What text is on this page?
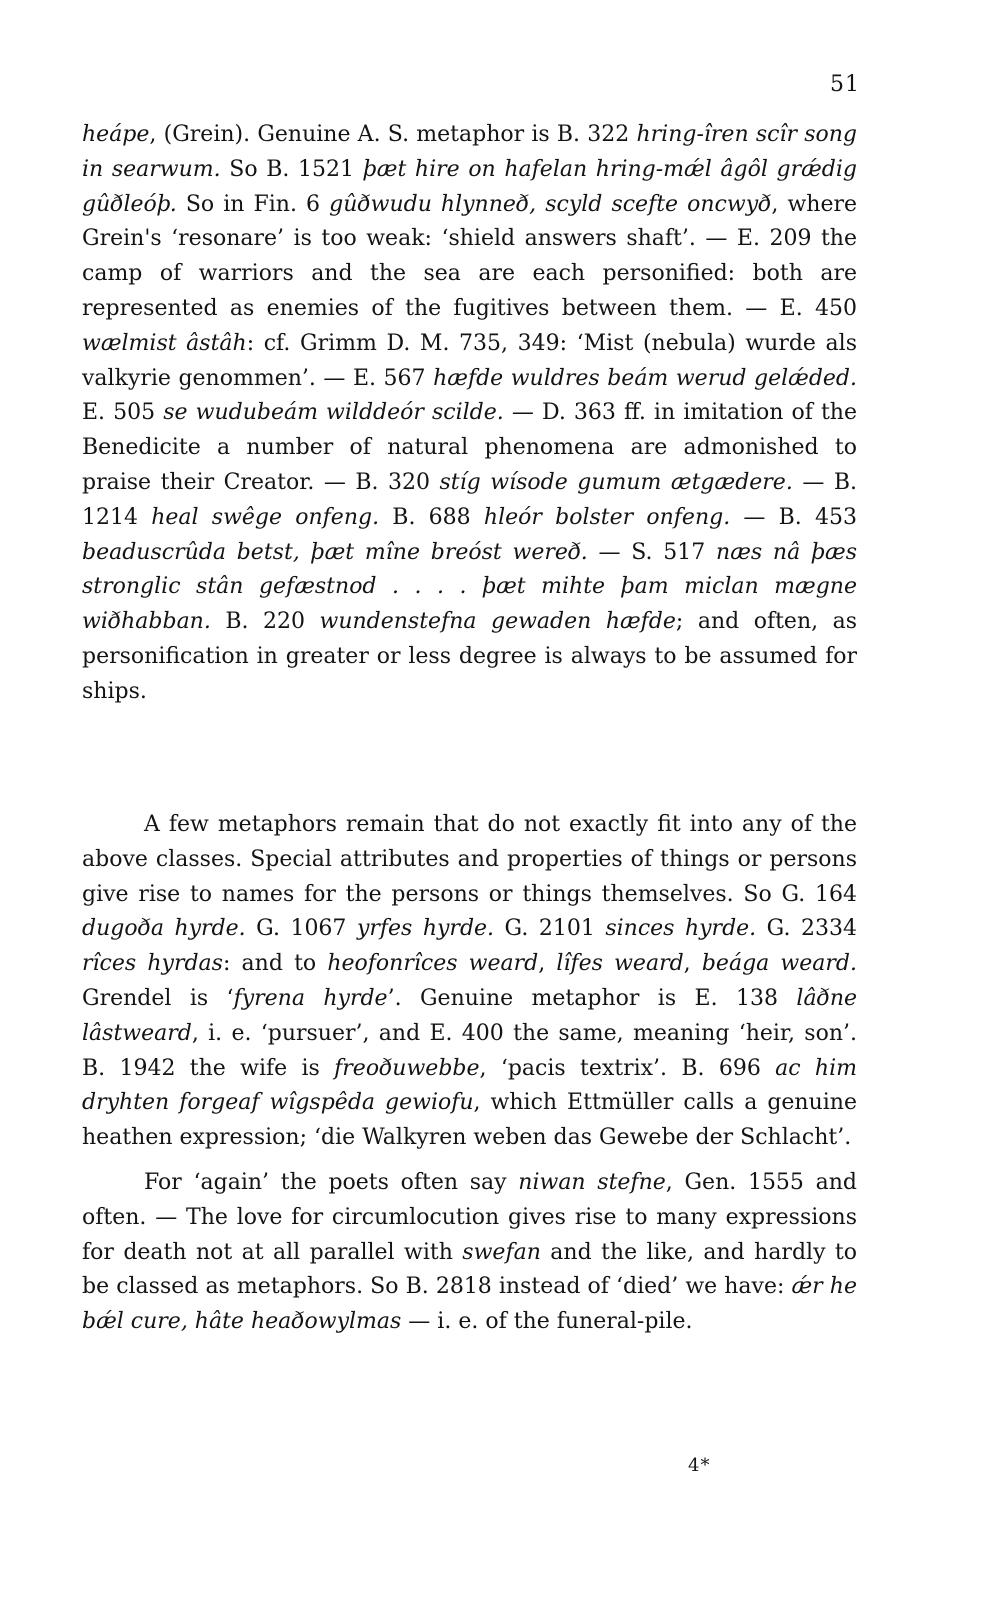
51

heápe, (Grein). Genuine A. S. metaphor is B. 322 hring-îren scîr song in searwum. So B. 1521 þæt hire on hafelan hring-mǽl âgôl grǽdig gûðleóþ. So in Fin. 6 gûðwudu hlynneð, scyld scefte oncwyð, where Grein's ‘resonare’ is too weak: ‘shield answers shaft’. — E. 209 the camp of warriors and the sea are each personified: both are represented as enemies of the fugitives between them. — E. 450 wælmist âstâh: cf. Grimm D. M. 735, 349: ‘Mist (nebula) wurde als valkyrie genommen’. — E. 567 hæfde wuldres beám werud gelǽded. E. 505 se wudubeám wilddeór scilde. — D. 363 ff. in imitation of the Benedicite a number of natural phenomena are admonished to praise their Creator. — B. 320 stíg wísode gumum ætgædere. — B. 1214 heal swêge onfeng. B. 688 hleór bolster onfeng. — B. 453 beaduscrûda betst, þæt mîne breóst wereð. — S. 517 næs nâ þæs stronglic stân gefæstnod . . . . þæt mihte þam miclan mægne wiðhabban. B. 220 wundenstefna gewaden hæfde; and often, as personification in greater or less degree is always to be assumed for ships.

A few metaphors remain that do not exactly fit into any of the above classes. Special attributes and properties of things or persons give rise to names for the persons or things themselves. So G. 164 dugoða hyrde. G. 1067 yrfes hyrde. G. 2101 sinces hyrde. G. 2334 rîces hyrdas: and to heofonrîces weard, lîfes weard, beága weard. Grendel is ‘fyrena hyrde’. Genuine metaphor is E. 138 lâðne lâstweard, i. e. ‘pursuer’, and E. 400 the same, meaning ‘heir, son’. B. 1942 the wife is freoðuwebbe, ‘pacis textrix’. B. 696 ac him dryhten forgeaf wîgspêda gewiofu, which Ettmüller calls a genuine heathen expression; ‘die Walkyren weben das Gewebe der Schlacht’.

For ‘again’ the poets often say niwan stefne, Gen. 1555 and often. — The love for circumlocution gives rise to many expressions for death not at all parallel with swefan and the like, and hardly to be classed as metaphors. So B. 2818 instead of ‘died’ we have: ǽr he bǽl cure, hâte heaðowylmas — i. e. of the funeral-pile.

4*
